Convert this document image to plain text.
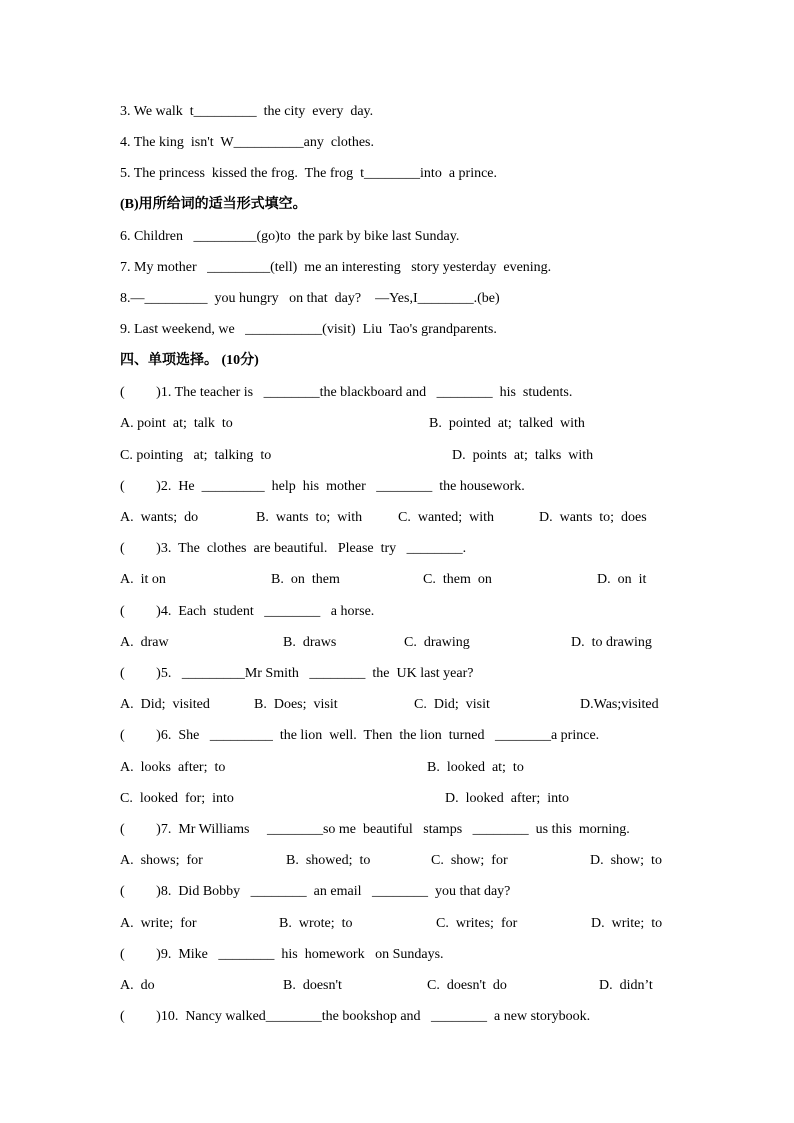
3. We walk  t_________  the city  every  day.
4. The king  isn't  W__________any  clothes.
5. The princess  kissed the frog.  The frog  t________into  a prince.
(B)用所给词的适当形式填空。
6. Children   _________(go)to  the park by bike last Sunday.
7. My mother   _________(tell)  me an interesting   story yesterday  evening.
8.—_________  you hungry   on that  day?    —Yes,I________.(be)
9. Last weekend, we   ___________(visit)  Liu  Tao's grandparents.
四、单项选择。 (10分)
(         )1. The teacher is   ________the blackboard and   ________  his  students.
A. point  at;  talk  to	B.  pointed  at;  talked  with
C. pointing   at;  talking  to	D.  points  at;  talks  with
(         )2.  He  _________  help  his  mother   ________  the housework.
A.  wants;  do	B.  wants  to;  with	C.  wanted;  with	D.  wants  to;  does
(         )3.  The  clothes  are beautiful.   Please  try   ________.
A.  it on	B.  on  them	C.  them  on	D.  on  it
(         )4.  Each  student   ________   a horse.
A.  draw	B.  draws	C.  drawing	D.  to drawing
(         )5.   _________Mr Smith   ________  the  UK last year?
A.  Did;  visited	B.  Does;  visit	C.  Did;  visit	D.Was;visited
(         )6.  She   _________  the lion  well.  Then  the lion  turned   ________a prince.
A.  looks  after;  to	B.  looked  at;  to
C.  looked  for;  into	D.  looked  after;  into
(         )7.  Mr Williams     ________so me  beautiful   stamps   ________  us this  morning.
A.  shows;  for	B.  showed;  to	C.  show;  for	D.  show;  to
(         )8.  Did Bobby   ________  an email   ________  you that day?
A.  write;  for	B.  wrote;  to	C.  writes;  for	D.  write;  to
(         )9.  Mike   ________  his  homework   on Sundays.
A.  do	B.  doesn't	C.  doesn't  do	D.  didn’t
(         )10.  Nancy walked________the bookshop and   ________  a new storybook.
